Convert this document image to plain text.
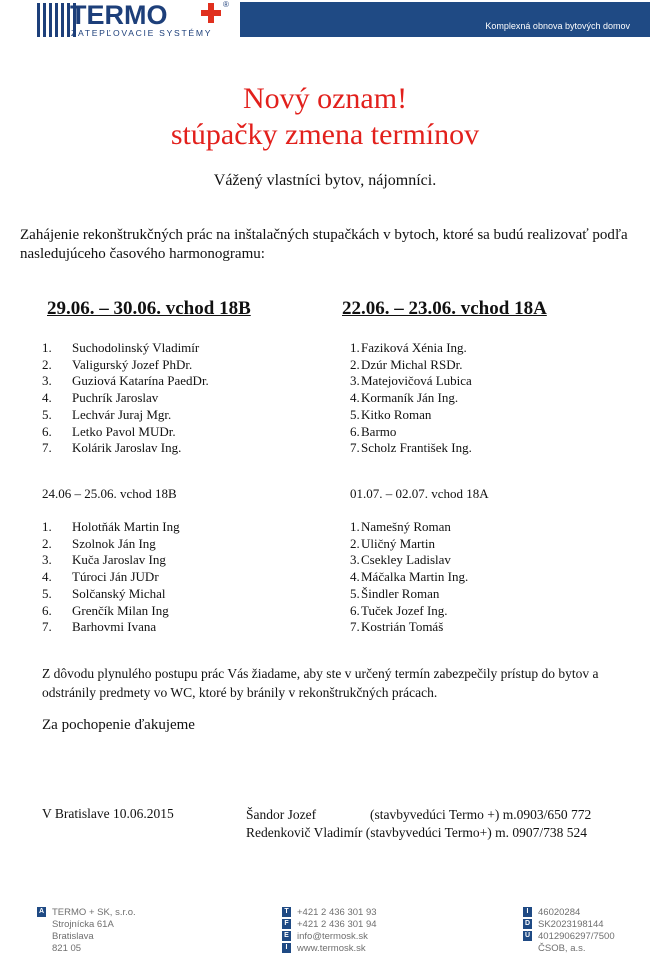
TERMO	®
ZATEPĽOVACIE SYSTÉMY
Komplexná obnova bytových domov
Nový oznam!
stúpačky zmena termínov
Vážený vlastníci bytov, nájomníci.
Zahájenie rekonštrukčných prác na inštalačných stupačkách v bytoch, ktoré sa budú realizovať podľa nasledujúceho časového harmonogramu:
29.06. – 30.06. vchod 18B
1.	Suchodolinský Vladimír
2.	Valigurský Jozef PhDr.
3.	Guziová Katarína PaedDr.
4.	Puchrík Jaroslav
5.	Lechvár Juraj Mgr.
6.	Letko Pavol MUDr.
7.	Kolárik Jaroslav Ing.
22.06. – 23.06. vchod 18A
1. Faziková Xénia Ing.
2. Dzúr Michal RSDr.
3. Matejovičová Lubica
4. Kormaník Ján Ing.
5. Kitko Roman
6. Barmo
7. Scholz František Ing.
24.06 – 25.06. vchod 18B
1.	Holotňák Martin Ing
2.	Szolnok Ján Ing
3.	Kuča Jaroslav Ing
4.	Túroci Ján JUDr
5.	Solčanský Michal
6.	Grenčík Milan Ing
7.	Barhovmi Ivana
01.07. – 02.07. vchod 18A
1. Namešný Roman
2. Uličný Martin
3. Csekley Ladislav
4. Máčalka Martin Ing.
5. Šindler Roman
6. Tuček Jozef Ing.
7. Kostrián Tomáš
Z dôvodu plynulého postupu prác Vás žiadame, aby ste v určený termín zabezpečily prístup do bytov a odstránily predmety vo WC, ktoré by bránily v rekonštrukčných prácach.
Za pochopenie ďakujeme
V Bratislave 10.06.2015	Šandor Jozef	(stavbyvedúci Termo +) m.0903/650 772
Redenkovič Vladimír (stavbyvedúci Termo+) m. 0907/738 524
A TERMO + SK, s.r.o.
Strojnícka 61A
Bratislava
821 05
T +421 2 436 301 93
F +421 2 436 301 94
E info@termosk.sk
I	www.termosk.sk
I	46020284
D SK2023198144
Ú 4012906297/7500
ČSOB, a.s.
